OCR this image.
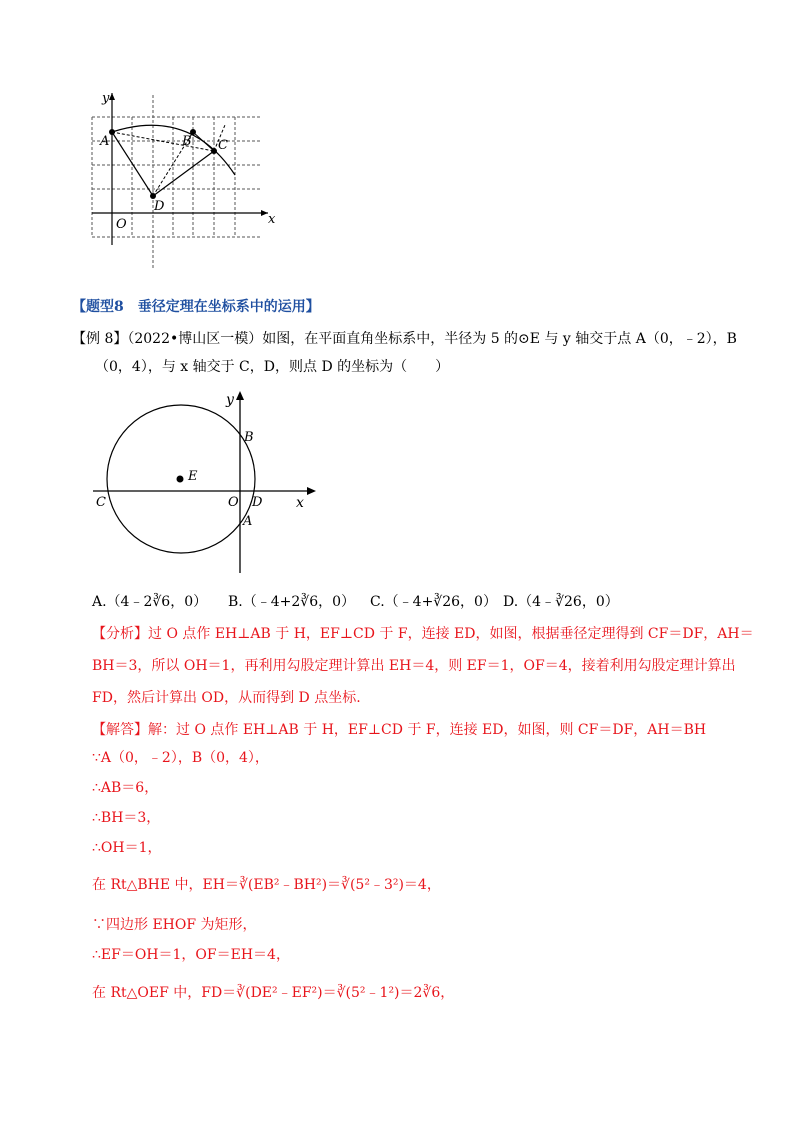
y
x
A	B C
D
O
【题型8　垂径定理在坐标系中的运用】
【例 8】（2022•博山区一模）如图，在平面直角坐标系中，半径为 5 的⊙E 与 y 轴交于点 A（0，﹣2），B
（0，4），与 x 轴交于 C，D，则点 D 的坐标为（　　）
y
x
B
E
C	O D
A
A.（4﹣2∛6，0） B.（﹣4+2∛6，0） C.（﹣4+∛26，0） D.（4﹣∛26，0）
【分析】过 O 点作 EH⊥AB 于 H，EF⊥CD 于 F，连接 ED，如图，根据垂径定理得到 CF＝DF，AH＝
BH＝3，所以 OH＝1，再利用勾股定理计算出 EH＝4，则 EF＝1，OF＝4，接着利用勾股定理计算出
FD，然后计算出 OD，从而得到 D 点坐标.
【解答】解：过 O 点作 EH⊥AB 于 H，EF⊥CD 于 F，连接 ED，如图，则 CF＝DF，AH＝BH
∵A（0，﹣2），B（0，4），
∴AB＝6，
∴BH＝3，
∴OH＝1，
在 Rt△BHE 中，EH＝∛(EB²﹣BH²)＝∛(5²﹣3²)＝4，
∵四边形 EHOF 为矩形，
∴EF＝OH＝1，OF＝EH＝4，
在 Rt△OEF 中，FD＝∛(DE²﹣EF²)＝∛(5²﹣1²)＝2∛6，
